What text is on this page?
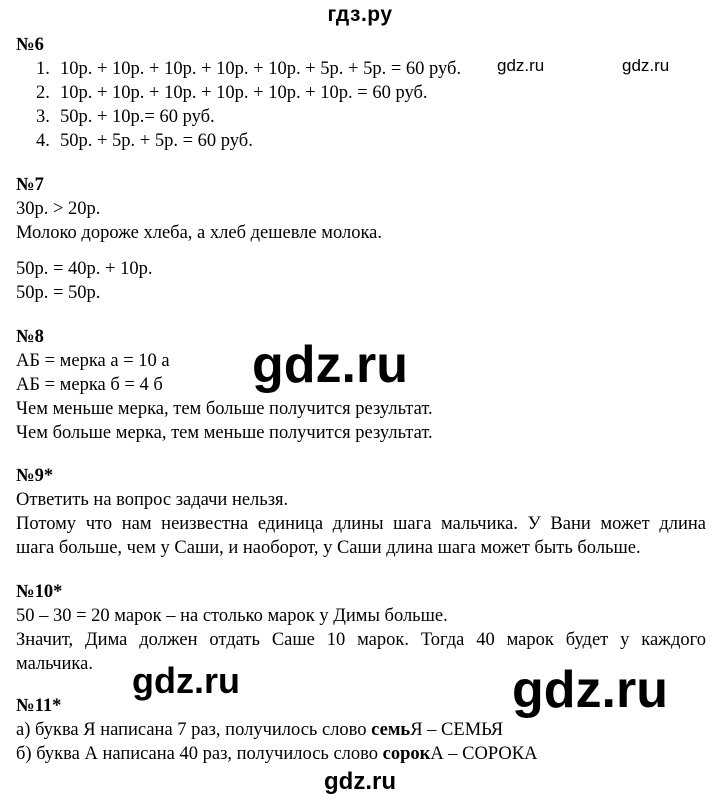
гдз.ру
№6
1. 10р. + 10р. + 10р. + 10р. + 10р. + 5р. + 5р. = 60 руб.
2. 10р. + 10р. + 10р. + 10р. + 10р. + 10р. = 60 руб.
3. 50р. + 10р.= 60 руб.
4. 50р. + 5р. + 5р. = 60 руб.
№7
30р. > 20р.
Молоко дороже хлеба, а хлеб дешевле молока.
50р. = 40р. + 10р.
50р. = 50р.
№8
АБ = мерка а = 10 а
АБ = мерка б = 4 б
Чем меньше мерка, тем больше получится результат.
Чем больше мерка, тем меньше получится результат.
№9*
Ответить на вопрос задачи нельзя.
Потому что нам неизвестна единица длины шага мальчика. У Вани может длина
шага больше, чем у Саши, и наоборот, у Саши длина шага может быть больше.
№10*
50 – 30 = 20 марок – на столько марок у Димы больше.
Значит, Дима должен отдать Саше 10 марок. Тогда 40 марок будет у каждого
мальчика.
№11*
а) буква Я написана 7 раз, получилось слово семьЯ – СЕМЬЯ
б) буква А написана 40 раз, получилось слово сорокА – СОРОКА
gdz.ru	gdz.ru
gdz.ru
gdz.ru	gdz.ru
gdz.ru
